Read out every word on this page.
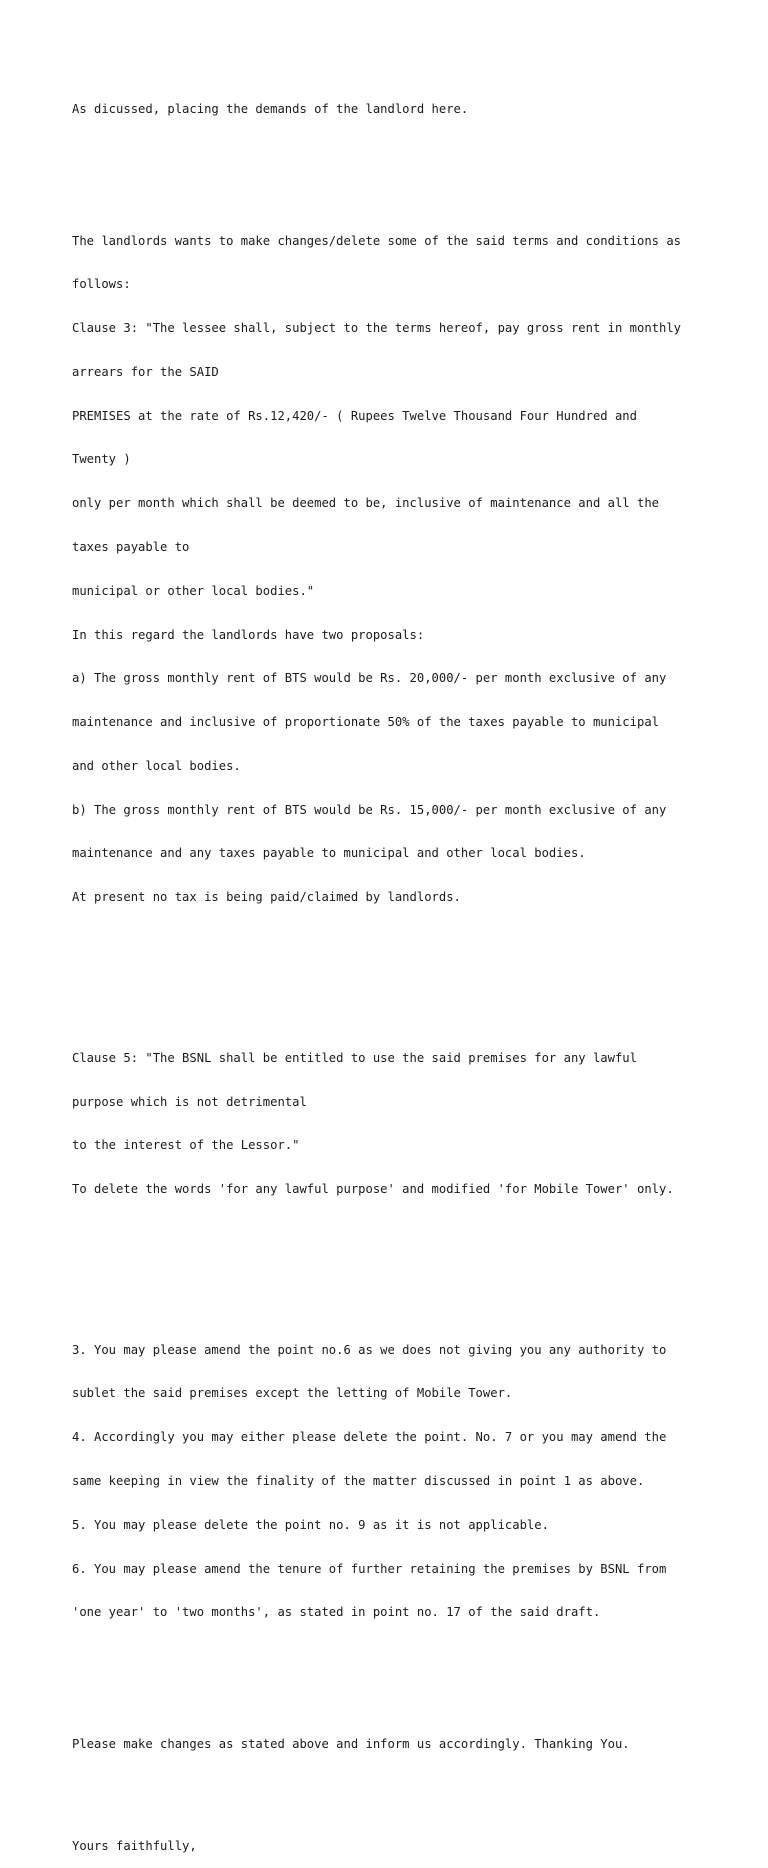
As dicussed, placing the demands of the landlord here.

The landlords wants to make changes/delete some of the said terms and conditions as

follows:

Clause 3: "The lessee shall, subject to the terms hereof, pay gross rent in monthly

arrears for the SAID

PREMISES at the rate of Rs.12,420/- ( Rupees Twelve Thousand Four Hundred and

Twenty )

only per month which shall be deemed to be, inclusive of maintenance and all the

taxes payable to

municipal or other local bodies."

In this regard the landlords have two proposals:

a) The gross monthly rent of BTS would be Rs. 20,000/- per month exclusive of any

maintenance and inclusive of proportionate 50% of the taxes payable to municipal

and other local bodies.

b) The gross monthly rent of BTS would be Rs. 15,000/- per month exclusive of any

maintenance and any taxes payable to municipal and other local bodies.

At present no tax is being paid/claimed by landlords.

Clause 5: "The BSNL shall be entitled to use the said premises for any lawful

purpose which is not detrimental

to the interest of the Lessor."

To delete the words 'for any lawful purpose' and modified 'for Mobile Tower' only.

3. You may please amend the point no.6 as we does not giving you any authority to

sublet the said premises except the letting of Mobile Tower.

4. Accordingly you may either please delete the point. No. 7 or you may amend the

same keeping in view the finality of the matter discussed in point 1 as above.

5. You may please delete the point no. 9 as it is not applicable.

6. You may please amend the tenure of further retaining the premises by BSNL from

'one year' to 'two months', as stated in point no. 17 of the said draft.

Please make changes as stated above and inform us accordingly. Thanking You.

Yours faithfully,
